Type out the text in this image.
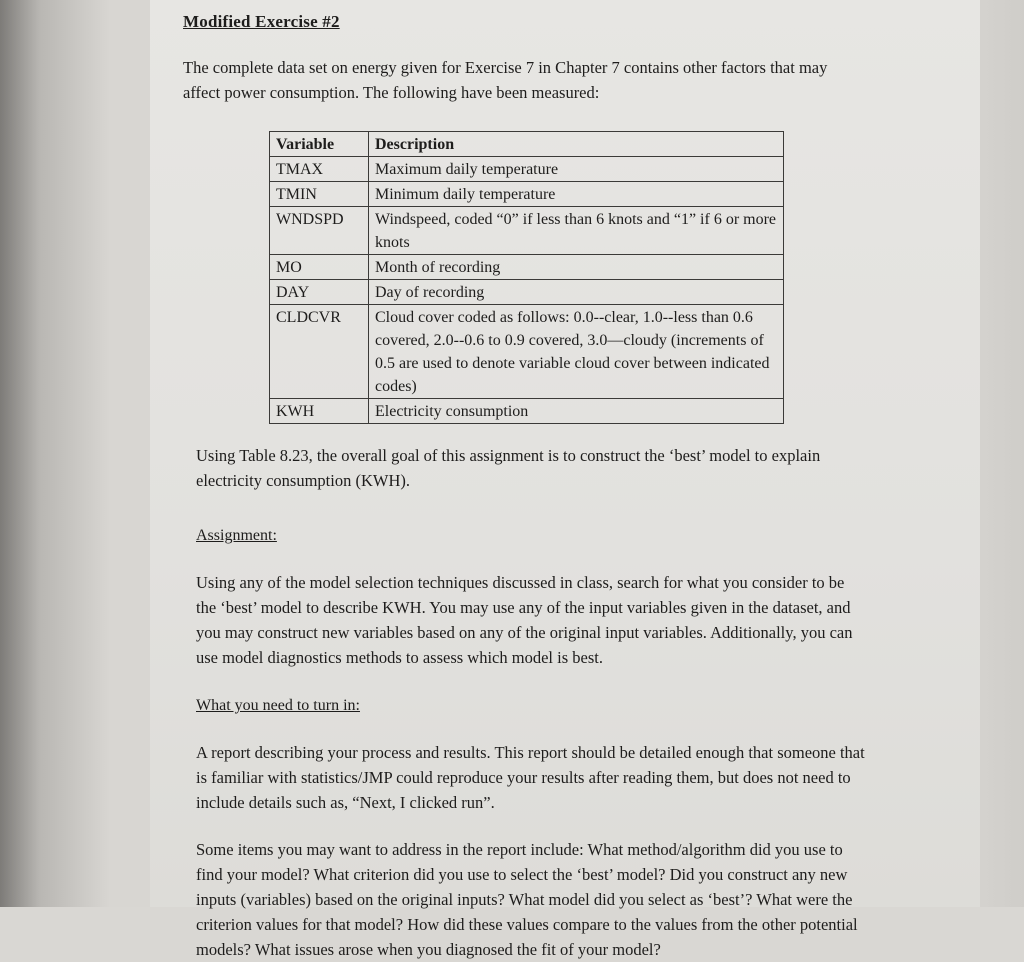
Modified Exercise #2

The complete data set on energy given for Exercise 7 in Chapter 7 contains other factors that may affect power consumption. The following have been measured:

Variable	Description
TMAX	Maximum daily temperature
TMIN	Minimum daily temperature
WNDSPD	Windspeed, coded “0” if less than 6 knots and “1” if 6 or more knots
MO	Month of recording
DAY	Day of recording
CLDCVR	Cloud cover coded as follows: 0.0--clear, 1.0--less than 0.6 covered, 2.0--0.6 to 0.9 covered, 3.0—cloudy (increments of 0.5 are used to denote variable cloud cover between indicated codes)
KWH	Electricity consumption

Using Table 8.23, the overall goal of this assignment is to construct the ‘best’ model to explain electricity consumption (KWH).

Assignment:

Using any of the model selection techniques discussed in class, search for what you consider to be the ‘best’ model to describe KWH. You may use any of the input variables given in the dataset, and you may construct new variables based on any of the original input variables. Additionally, you can use model diagnostics methods to assess which model is best.

What you need to turn in:

A report describing your process and results. This report should be detailed enough that someone that is familiar with statistics/JMP could reproduce your results after reading them, but does not need to include details such as, “Next, I clicked run”.

Some items you may want to address in the report include: What method/algorithm did you use to find your model? What criterion did you use to select the ‘best’ model? Did you construct any new inputs (variables) based on the original inputs? What model did you select as ‘best’? What were the criterion values for that model? How did these values compare to the values from the other potential models? What issues arose when you diagnosed the fit of your model?
